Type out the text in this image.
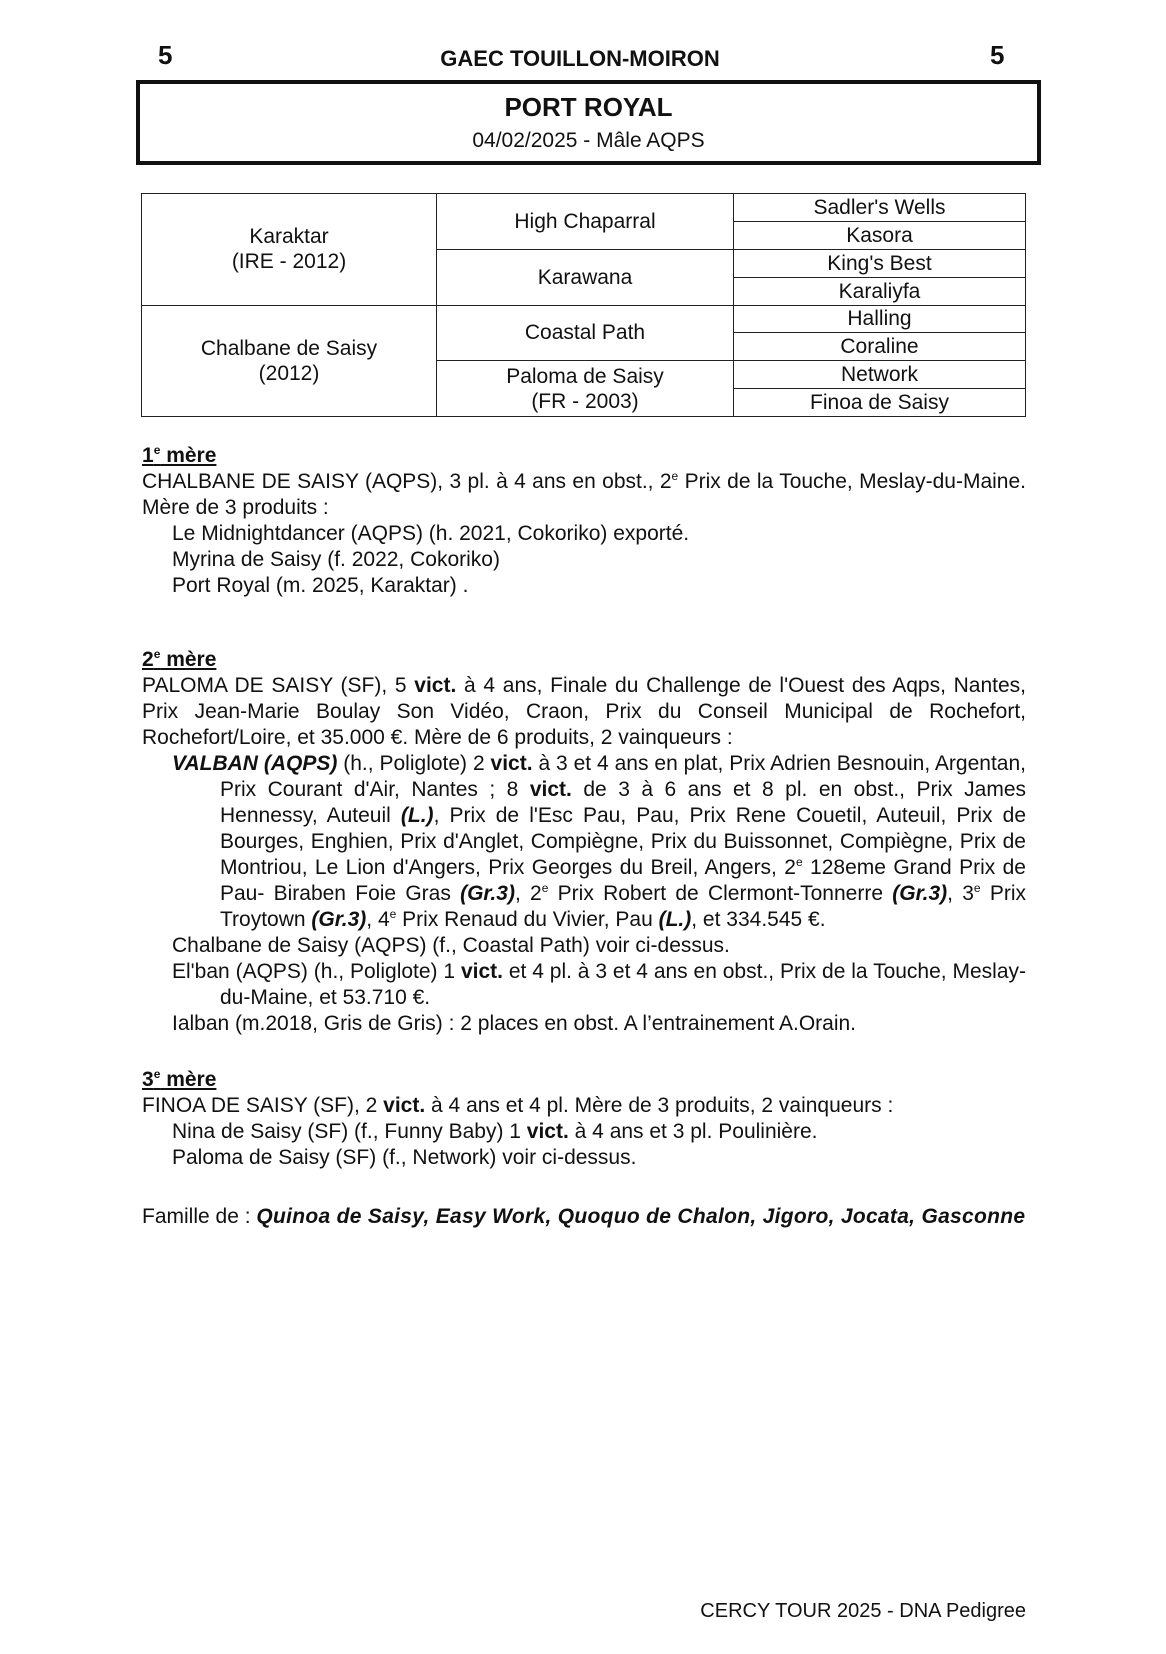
5	GAEC TOUILLON-MOIRON	5
PORT ROYAL
04/02/2025 - Mâle AQPS
Karaktar
(IRE - 2012)	High Chaparral	Sadler's Wells
		Kasora
	Karawana	King's Best
		Karaliyfa
Chalbane de Saisy
(2012)	Coastal Path	Halling
		Coraline
	Paloma de Saisy
(FR - 2003)	Network
		Finoa de Saisy
1e mère
CHALBANE DE SAISY (AQPS), 3 pl. à 4 ans en obst., 2e Prix de la Touche, Meslay-du-Maine. Mère de 3 produits :
Le Midnightdancer (AQPS) (h. 2021, Cokoriko) exporté.
Myrina de Saisy (f. 2022, Cokoriko)
Port Royal (m. 2025, Karaktar) .
2e mère
PALOMA DE SAISY (SF), 5 vict. à 4 ans, Finale du Challenge de l'Ouest des Aqps, Nantes, Prix Jean-Marie Boulay Son Vidéo, Craon, Prix du Conseil Municipal de Rochefort, Rochefort/Loire, et 35.000 €. Mère de 6 produits, 2 vainqueurs :
VALBAN (AQPS) (h., Poliglote) 2 vict. à 3 et 4 ans en plat, Prix Adrien Besnouin, Argentan, Prix Courant d'Air, Nantes ; 8 vict. de 3 à 6 ans et 8 pl. en obst., Prix James Hennessy, Auteuil (L.), Prix de l'Esc Pau, Pau, Prix Rene Couetil, Auteuil, Prix de Bourges, Enghien, Prix d'Anglet, Compiègne, Prix du Buissonnet, Compiègne, Prix de Montriou, Le Lion d'Angers, Prix Georges du Breil, Angers, 2e 128eme Grand Prix de Pau- Biraben Foie Gras (Gr.3), 2e Prix Robert de Clermont-Tonnerre (Gr.3), 3e Prix Troytown (Gr.3), 4e Prix Renaud du Vivier, Pau (L.), et 334.545 €.
Chalbane de Saisy (AQPS) (f., Coastal Path) voir ci-dessus.
El'ban (AQPS) (h., Poliglote) 1 vict. et 4 pl. à 3 et 4 ans en obst., Prix de la Touche, Meslay-du-Maine, et 53.710 €.
Ialban (m.2018, Gris de Gris) : 2 places en obst. A l’entrainement A.Orain.
3e mère
FINOA DE SAISY (SF), 2 vict. à 4 ans et 4 pl. Mère de 3 produits, 2 vainqueurs :
Nina de Saisy (SF) (f., Funny Baby) 1 vict. à 4 ans et 3 pl. Poulinière.
Paloma de Saisy (SF) (f., Network) voir ci-dessus.
Famille de : Quinoa de Saisy, Easy Work, Quoquo de Chalon, Jigoro, Jocata, Gasconne
CERCY TOUR 2025 - DNA Pedigree
